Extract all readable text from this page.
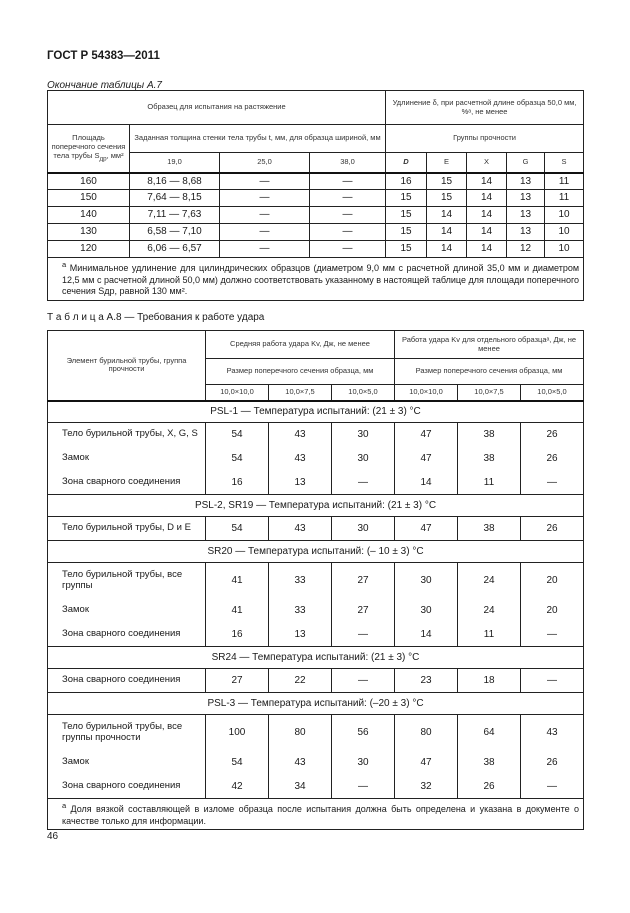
ГОСТ Р 54383—2011
Окончание таблицы А.7
Образец для испытания на растяжение				Удлинение δ, при расчетной длине образца 50,0 мм, %ᵃ, не менее				
Площадь поперечного сечения тела трубы $S_{др}$, мм²	Заданная толщина стенки тела трубы t, мм, для образца шириной, мм			Группы прочности				
	19,0	25,0	38,0	D	E	X	G	S
160	8,16 — 8,68	—	—	16	15	14	13	11
150	7,64 — 8,15	—	—	15	15	14	13	11
140	7,11 — 7,63	—	—	15	14	14	13	10
130	6,58 — 7,10	—	—	15	14	14	13	10
120	6,06 — 6,57	—	—	15	14	14	12	10
$^а$ Минимальное удлинение для цилиндрических образцов (диаметром 9,0 мм с расчетной длиной 35,0 мм и диаметром 12,5 мм с расчетной длиной 50,0 мм) должно соответствовать указанному в настоящей таблице для площади поперечного сечения Sдр, равной 130 мм².								
Т а б л и ц а А.8 — Требования к работе удара
Элемент бурильной трубы, группа прочности	Средняя работа удара Kv, Дж, не менее			Работа удара Kv для отдельного образцаᵃ, Дж, не менее		
	Размер поперечного сечения образца, мм			Размер поперечного сечения образца, мм		
	10,0×10,0	10,0×7,5	10,0×5,0	10,0×10,0	10,0×7,5	10,0×5,0
PSL-1 — Температура испытаний: (21 ± 3) °С						
Тело бурильной трубы, X, G, S	54	43	30	47	38	26
Замок	54	43	30	47	38	26
Зона сварного соединения	16	13	—	14	11	—
PSL-2, SR19 — Температура испытаний: (21 ± 3) °С						
Тело бурильной трубы, D и E	54	43	30	47	38	26
SR20 — Температура испытаний: (– 10 ± 3) °С						
Тело бурильной трубы, все группы	41	33	27	30	24	20
Замок	41	33	27	30	24	20
Зона сварного соединения	16	13	—	14	11	—
SR24 — Температура испытаний: (21 ± 3) °С						
Зона сварного соединения	27	22	—	23	18	—
PSL-3 — Температура испытаний: (–20 ± 3) °С						
Тело бурильной трубы, все группы прочности	100	80	56	80	64	43
Замок	54	43	30	47	38	26
Зона сварного соединения	42	34	—	32	26	—
$^а$ Доля вязкой составляющей в изломе образца после испытания должна быть определена и указана в документе о качестве только для информации.						
46
